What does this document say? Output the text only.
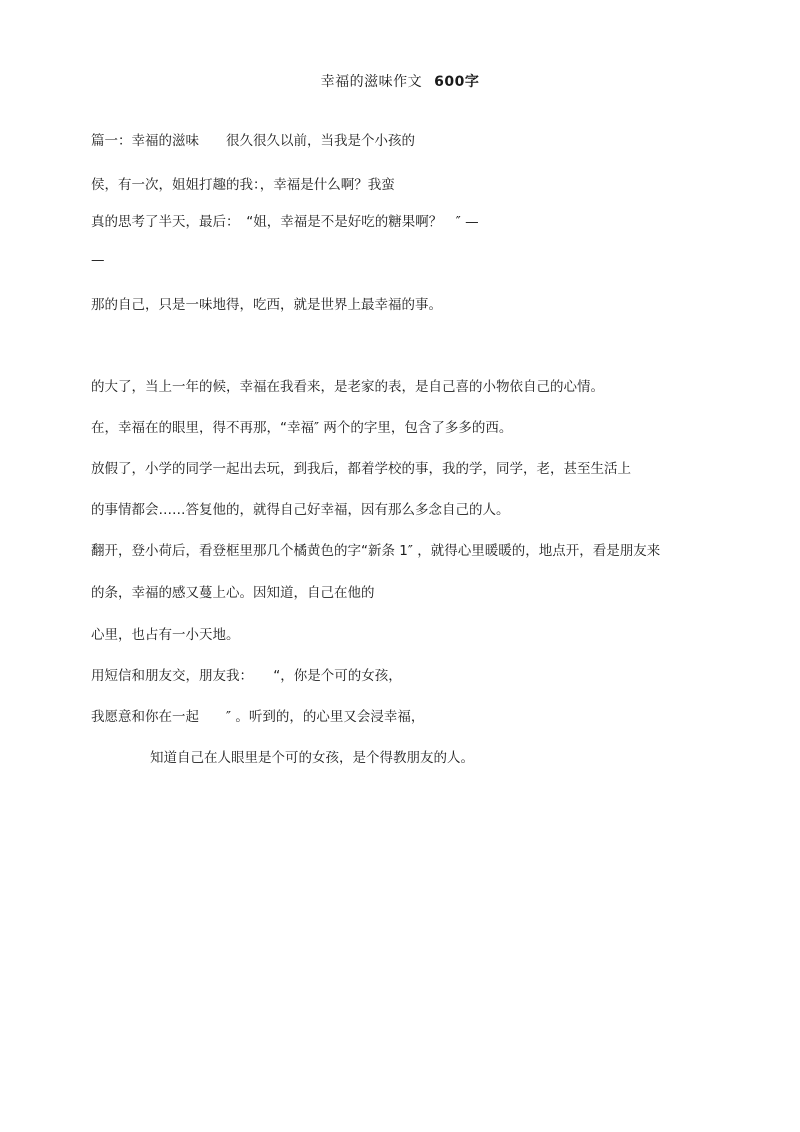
幸福的滋味作文 600字
篇一：幸福的滋味　　很久很久以前，当我是个小孩的
侯，有一次，姐姐打趣的我：，幸福是什么啊？我蛮
真的思考了半天，最后：　“姐，幸福是不是好吃的糖果啊？　″ —
—
那的自己，只是一味地得，吃西，就是世界上最幸福的事。
的大了，当上一年的候，幸福在我看来，是老家的表，是自己喜的小物依自己的心情。
在，幸福在的眼里，得不再那，“幸福″ 两个的字里，包含了多多的西。
放假了，小学的同学一起出去玩，到我后，都着学校的事，我的学，同学，老，甚至生活上
的事情都会……答复他的，就得自己好幸福，因有那么多念自己的人。
翻开，登小荷后，看登框里那几个橘黄色的字“新条 1″ ，就得心里暖暖的，地点开，看是朋友来
的条，幸福的感又蔓上心。因知道，自己在他的
心里，也占有一小天地。
用短信和朋友交，朋友我：　　“，你是个可的女孩，
我愿意和你在一起　　″ 。听到的，的心里又会浸幸福，
知道自己在人眼里是个可的女孩，是个得教朋友的人。
